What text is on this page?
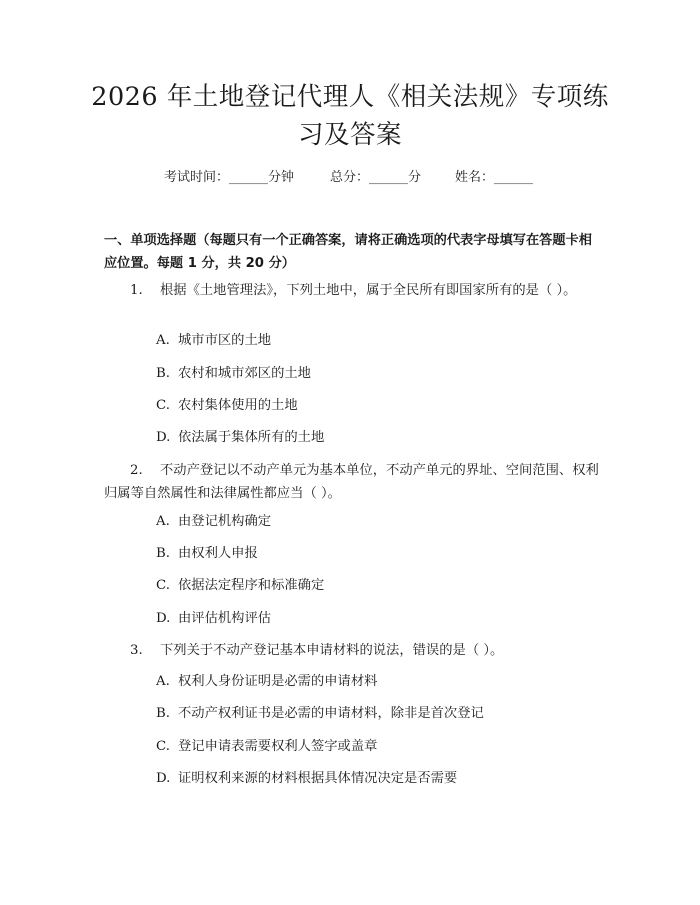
2026 年土地登记代理人《相关法规》专项练
习及答案
考试时间：______分钟	总分：______分	姓名：______
一、单项选择题（每题只有一个正确答案，请将正确选项的代表字母填写在答题卡相应位置。每题 1 分，共 20 分）
1. 根据《土地管理法》，下列土地中，属于全民所有即国家所有的是（ ）。
A. 城市市区的土地
B. 农村和城市郊区的土地
C. 农村集体使用的土地
D. 依法属于集体所有的土地
2. 不动产登记以不动产单元为基本单位，不动产单元的界址、空间范围、权利归属等自然属性和法律属性都应当（ ）。
A. 由登记机构确定
B. 由权利人申报
C. 依据法定程序和标准确定
D. 由评估机构评估
3. 下列关于不动产登记基本申请材料的说法，错误的是（ ）。
A. 权利人身份证明是必需的申请材料
B. 不动产权利证书是必需的申请材料，除非是首次登记
C. 登记申请表需要权利人签字或盖章
D. 证明权利来源的材料根据具体情况决定是否需要
